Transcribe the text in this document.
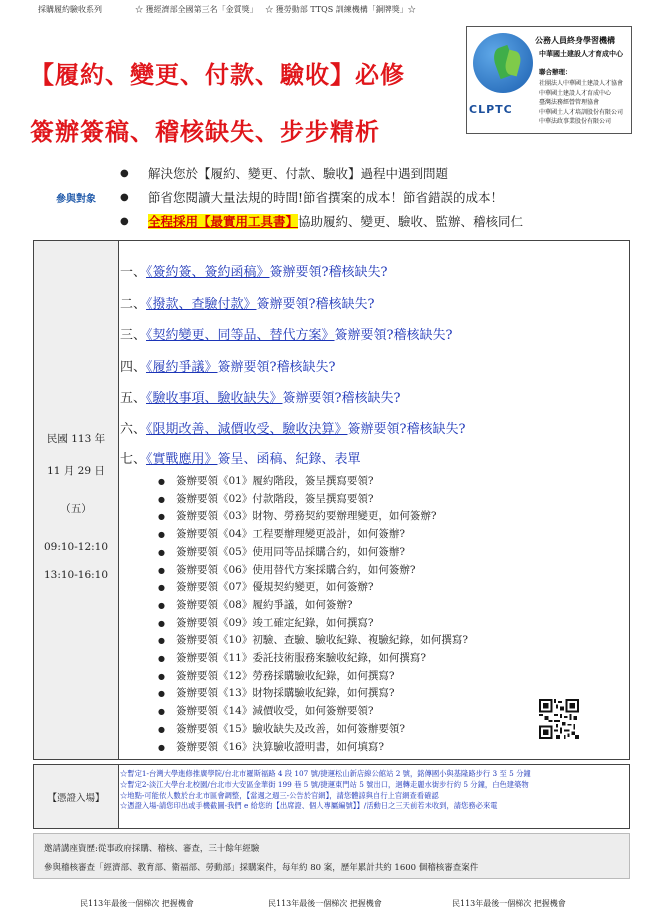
採購履約驗收系列	☆ 獲經濟部全國第三名「金質獎」 ☆ 獲勞動部 TTQS 訓練機構「銅牌獎」☆
【履約、變更、付款、驗收】必修
簽辦簽稿、稽核缺失、步步精析
CLPTC
公務人員終身學習機構
中華國土建設人才育成中心
聯合辦理：
社團法人中華國土建設人才協會
中華國土建設人才育成中心
臺灣法務經營管理協會
中華國土人才培訓股份有限公司
中華法政事業股份有限公司
參與對象
● 解決您於【履約、變更、付款、驗收】過程中遇到問題
● 節省您閱讀大量法規的時間!節省撰案的成本！節省錯誤的成本！
● 全程採用【最實用工具書】協助履約、變更、驗收、監辦、稽核同仁
民國 113 年
11 月 29 日
（五）
09:10-12:10
13:10-16:10
一、《簽約簽、簽約函稿》簽辦要領?稽核缺失?
二、《撥款、查驗付款》簽辦要領?稽核缺失?
三、《契約變更、同等品、替代方案》簽辦要領?稽核缺失?
四、《履約爭議》簽辦要領?稽核缺失?
五、《驗收事項、驗收缺失》簽辦要領?稽核缺失?
六、《限期改善、減價收受、驗收決算》簽辦要領?稽核缺失?
七、《實戰應用》簽呈、函稿、紀錄、表單
● 簽辦要領《01》履約階段，簽呈撰寫要領?
● 簽辦要領《02》付款階段，簽呈撰寫要領?
● 簽辦要領《03》財物、勞務契約要辦理變更，如何簽辦?
● 簽辦要領《04》工程要辦理變更設計，如何簽辦?
● 簽辦要領《05》使用同等品採購合約，如何簽辦?
● 簽辦要領《06》使用替代方案採購合約，如何簽辦?
● 簽辦要領《07》優規契約變更，如何簽辦?
● 簽辦要領《08》履約爭議，如何簽辦?
● 簽辦要領《09》竣工確定紀錄，如何撰寫?
● 簽辦要領《10》初驗、查驗、驗收紀錄、複驗紀錄，如何撰寫?
● 簽辦要領《11》委託技術服務案驗收紀錄，如何撰寫?
● 簽辦要領《12》勞務採購驗收紀錄，如何撰寫?
● 簽辦要領《13》財物採購驗收紀錄，如何撰寫?
● 簽辦要領《14》減價收受，如何簽辦要領?
● 簽辦要領《15》驗收缺失及改善，如何簽辦要領?
● 簽辦要領《16》決算驗收證明書，如何填寫?
【憑證入場】
☆暫定1-台灣大學進修推廣學院/台北市羅斯福路 4 段 107 號/捷運松山新店線公館站 2 號，銘傳國小與基隆路步行 3 至 5 分鐘
☆暫定2-淡江大學台北校園/台北市大安區金華街 199 巷 5 號/捷運東門站 5 號出口，迴轉走麗水街步行約 5 分鐘，白色建築物
☆地點-可能依人數於台北市區會調整，【當週之週三-公告於官網】，請您體諒與自行上官網查看確認
☆憑證入場-請您印出或手機截圖-我們 e 給您的【出席證、個人專屬編號】】/活動日之三天前若未收到，請您務必來電
邀請講座資歷:從事政府採購、稽核、審查，三十餘年經驗
參與稽核審查「經濟部、教育部、衛福部、勞動部」採購案件，每年約 80 案，歷年累計共約 1600 個稽核審查案件
民113年最後一個梯次 把握機會	民113年最後一個梯次 把握機會	民113年最後一個梯次 把握機會
